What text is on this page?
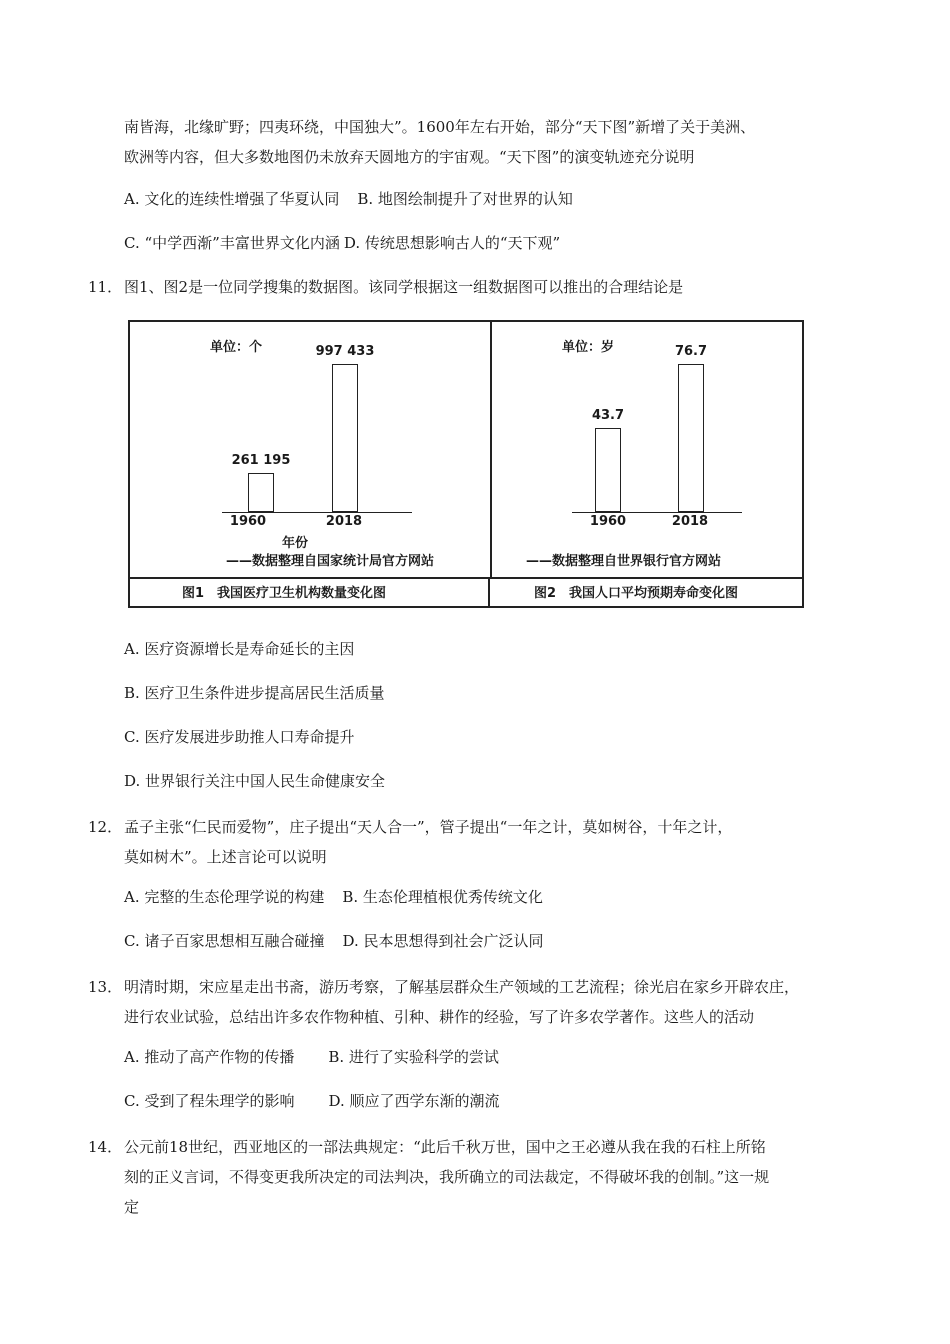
南皆海，北缘旷野；四夷环绕，中国独大”。1600年左右开始，部分“天下图”新增了关于美洲、
欧洲等内容，但大多数地图仍未放弃天圆地方的宇宙观。“天下图”的演变轨迹充分说明
A. 文化的连续性增强了华夏认同 B. 地图绘制提升了对世界的认知
C. “中学西渐”丰富世界文化内涵 D. 传统思想影响古人的“天下观”
11． 图1、图2是一位同学搜集的数据图。该同学根据这一组数据图可以推出的合理结论是
单位：个
261 195
997 433
1960	2018
年份
——数据整理自国家统计局官方网站
单位：岁
43.7
76.7
1960	2018
——数据整理自世界银行官方网站
图1　我国医疗卫生机构数量变化图	图2　我国人口平均预期寿命变化图
A. 医疗资源增长是寿命延长的主因
B. 医疗卫生条件进步提高居民生活质量
C. 医疗发展进步助推人口寿命提升
D. 世界银行关注中国人民生命健康安全
12． 孟子主张“仁民而爱物”，庄子提出“天人合一”，管子提出“一年之计，莫如树谷，十年之计，
莫如树木”。上述言论可以说明
A. 完整的生态伦理学说的构建 B. 生态伦理植根优秀传统文化
C. 诸子百家思想相互融合碰撞 D. 民本思想得到社会广泛认同
13． 明清时期，宋应星走出书斋，游历考察，了解基层群众生产领域的工艺流程；徐光启在家乡开辟农庄，
进行农业试验，总结出许多农作物种植、引种、耕作的经验，写了许多农学著作。这些人的活动
A. 推动了高产作物的传播 B. 进行了实验科学的尝试
C. 受到了程朱理学的影响 D. 顺应了西学东渐的潮流
14． 公元前18世纪，西亚地区的一部法典规定：“此后千秋万世，国中之王必遵从我在我的石柱上所铭
刻的正义言词，不得变更我所决定的司法判决，我所确立的司法裁定，不得破坏我的创制。”这一规
定
